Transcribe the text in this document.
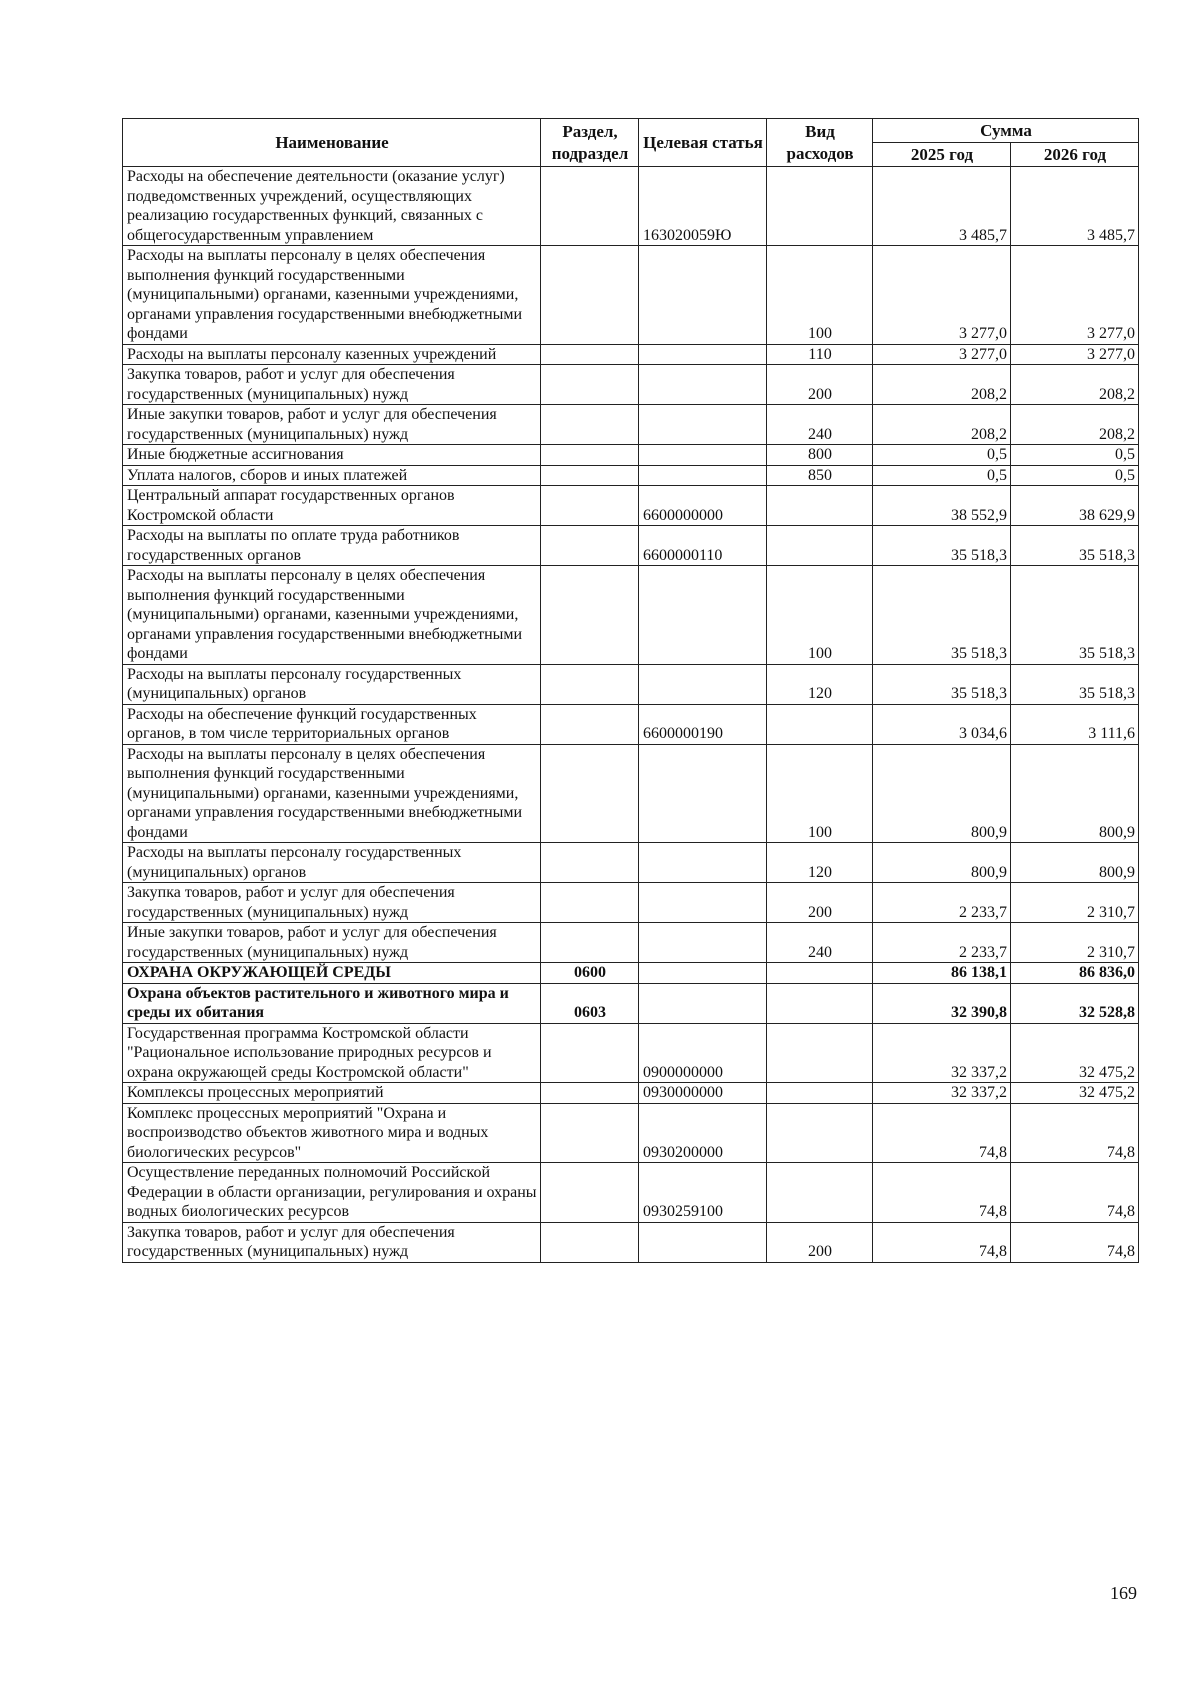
Наименование	Раздел, подраздел	Целевая статья	Вид расходов	Сумма	
				2025 год	2026 год
Расходы на обеспечение деятельности (оказание услуг) подведомственных учреждений, осуществляющих реализацию государственных функций, связанных с общегосударственным управлением		163020059Ю		3 485,7	3 485,7
Расходы на выплаты персоналу в целях обеспечения выполнения функций государственными (муниципальными) органами, казенными учреждениями, органами управления государственными внебюджетными фондами			100	3 277,0	3 277,0
Расходы на выплаты персоналу казенных учреждений			110	3 277,0	3 277,0
Закупка товаров, работ и услуг для обеспечения государственных (муниципальных) нужд			200	208,2	208,2
Иные закупки товаров, работ и услуг для обеспечения государственных (муниципальных) нужд			240	208,2	208,2
Иные бюджетные ассигнования			800	0,5	0,5
Уплата налогов, сборов и иных платежей			850	0,5	0,5
Центральный аппарат государственных органов Костромской области		6600000000		38 552,9	38 629,9
Расходы на выплаты по оплате труда работников государственных органов		6600000110		35 518,3	35 518,3
Расходы на выплаты персоналу в целях обеспечения выполнения функций государственными (муниципальными) органами, казенными учреждениями, органами управления государственными внебюджетными фондами			100	35 518,3	35 518,3
Расходы на выплаты персоналу государственных (муниципальных) органов			120	35 518,3	35 518,3
Расходы на обеспечение функций государственных органов, в том числе территориальных органов		6600000190		3 034,6	3 111,6
Расходы на выплаты персоналу в целях обеспечения выполнения функций государственными (муниципальными) органами, казенными учреждениями, органами управления государственными внебюджетными фондами			100	800,9	800,9
Расходы на выплаты персоналу государственных (муниципальных) органов			120	800,9	800,9
Закупка товаров, работ и услуг для обеспечения государственных (муниципальных) нужд			200	2 233,7	2 310,7
Иные закупки товаров, работ и услуг для обеспечения государственных (муниципальных) нужд			240	2 233,7	2 310,7
ОХРАНА ОКРУЖАЮЩЕЙ СРЕДЫ	0600			86 138,1	86 836,0
Охрана объектов растительного и животного мира и среды их обитания	0603			32 390,8	32 528,8
Государственная программа Костромской области "Рациональное использование природных ресурсов и охрана окружающей среды Костромской области"		0900000000		32 337,2	32 475,2
Комплексы процессных мероприятий		0930000000		32 337,2	32 475,2
Комплекс процессных мероприятий "Охрана и воспроизводство объектов животного мира и водных биологических ресурсов"		0930200000		74,8	74,8
Осуществление переданных полномочий Российской Федерации в области организации, регулирования и охраны водных биологических ресурсов		0930259100		74,8	74,8
Закупка товаров, работ и услуг для обеспечения государственных (муниципальных) нужд			200	74,8	74,8
169
